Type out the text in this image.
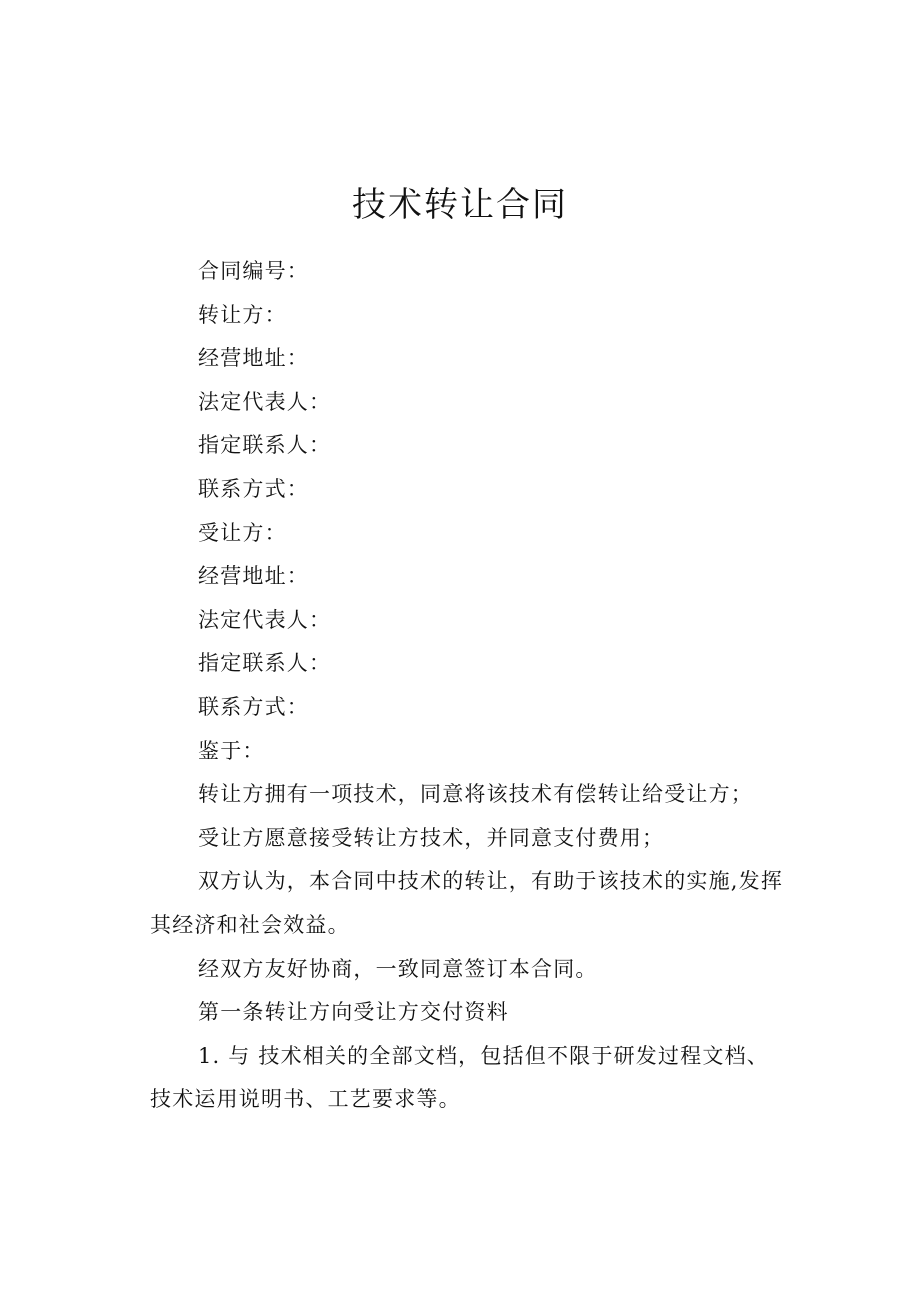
技术转让合同

合同编号：

转让方：

经营地址：

法定代表人：

指定联系人：

联系方式：

受让方：

经营地址：

法定代表人：

指定联系人：

联系方式：

鉴于：

转让方拥有一项技术，同意将该技术有偿转让给受让方；

受让方愿意接受转让方技术，并同意支付费用；

双方认为，本合同中技术的转让，有助于该技术的实施,发挥其经济和社会效益。

经双方友好协商，一致同意签订本合同。

第一条转让方向受让方交付资料

1. 与 技术相关的全部文档，包括但不限于研发过程文档、技术运用说明书、工艺要求等。
